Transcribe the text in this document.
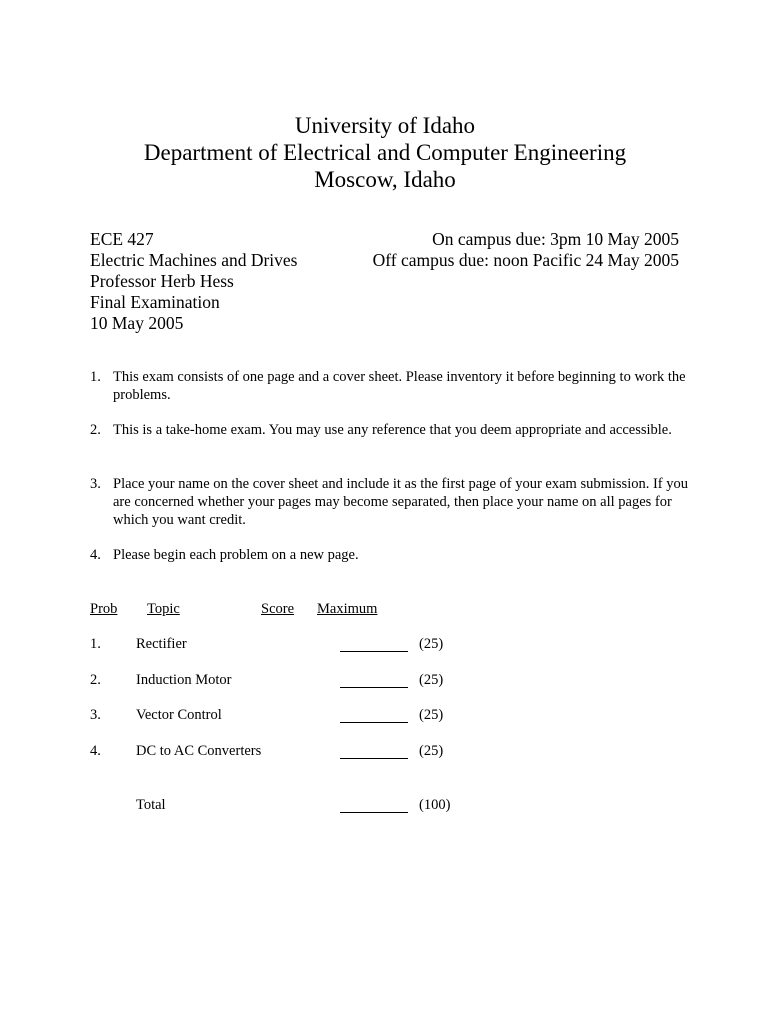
University of Idaho
Department of Electrical and Computer Engineering
Moscow, Idaho
ECE 427
Electric Machines and Drives
Professor Herb Hess
Final Examination
10 May 2005
On campus due: 3pm 10 May 2005
Off campus due: noon Pacific 24 May 2005
1. This exam consists of one page and a cover sheet. Please inventory it before beginning to work the problems.
2. This is a take-home exam. You may use any reference that you deem appropriate and accessible.
3. Place your name on the cover sheet and include it as the first page of your exam submission. If you are concerned whether your pages may become separated, then place your name on all pages for which you want credit.
4. Please begin each problem on a new page.
Prob Topic	Score Maximum
1. Rectifier	(25)
2. Induction Motor	(25)
3. Vector Control	(25)
4. DC to AC Converters	(25)
Total	(100)
